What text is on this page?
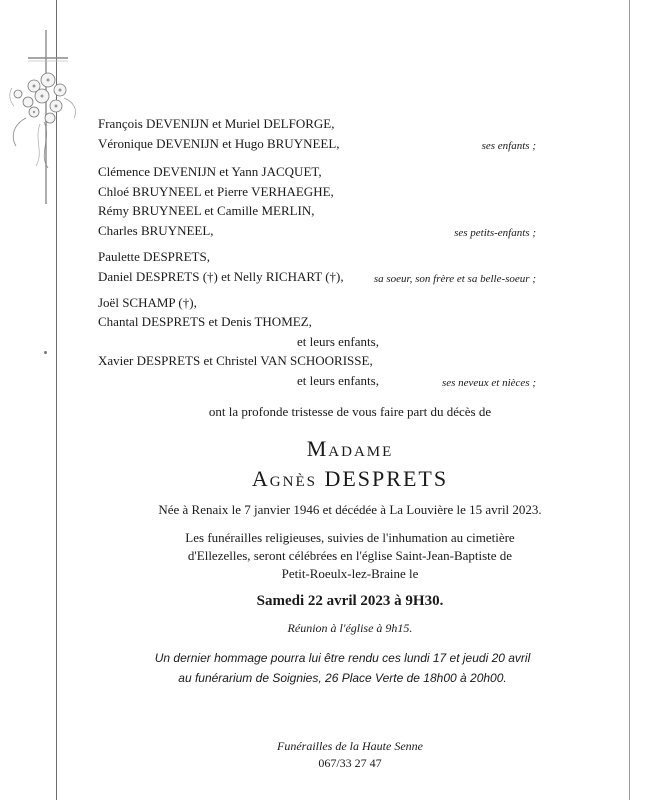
François DEVENIJN et Muriel DELFORGE,
Véronique DEVENIJN et Hugo BRUYNEEL,	ses enfants ;
Clémence DEVENIJN et Yann JACQUET,
Chloé BRUYNEEL et Pierre VERHAEGHE,
Rémy BRUYNEEL et Camille MERLIN,
Charles BRUYNEEL,	ses petits-enfants ;
Paulette DESPRETS,
Daniel DESPRETS (†) et Nelly RICHART (†),	sa soeur, son frère et sa belle-soeur ;
Joël SCHAMP (†),
Chantal DESPRETS et Denis THOMEZ,
et leurs enfants,
Xavier DESPRETS et Christel VAN SCHOORISSE,
et leurs enfants,	ses neveux et nièces ;
ont la profonde tristesse de vous faire part du décès de
Madame
Agnès DESPRETS
Née à Renaix le 7 janvier 1946 et décédée à La Louvière le 15 avril 2023.
Les funérailles religieuses, suivies de l'inhumation au cimetière
d'Ellezelles, seront célébrées en l'église Saint-Jean-Baptiste de
Petit-Roeulx-lez-Braine le
Samedi 22 avril 2023 à 9H30.
Réunion à l'église à 9h15.
Un dernier hommage pourra lui être rendu ces lundi 17 et jeudi 20 avril
au funérarium de Soignies, 26 Place Verte de 18h00 à 20h00.
Funérailles de la Haute Senne
067/33 27 47
